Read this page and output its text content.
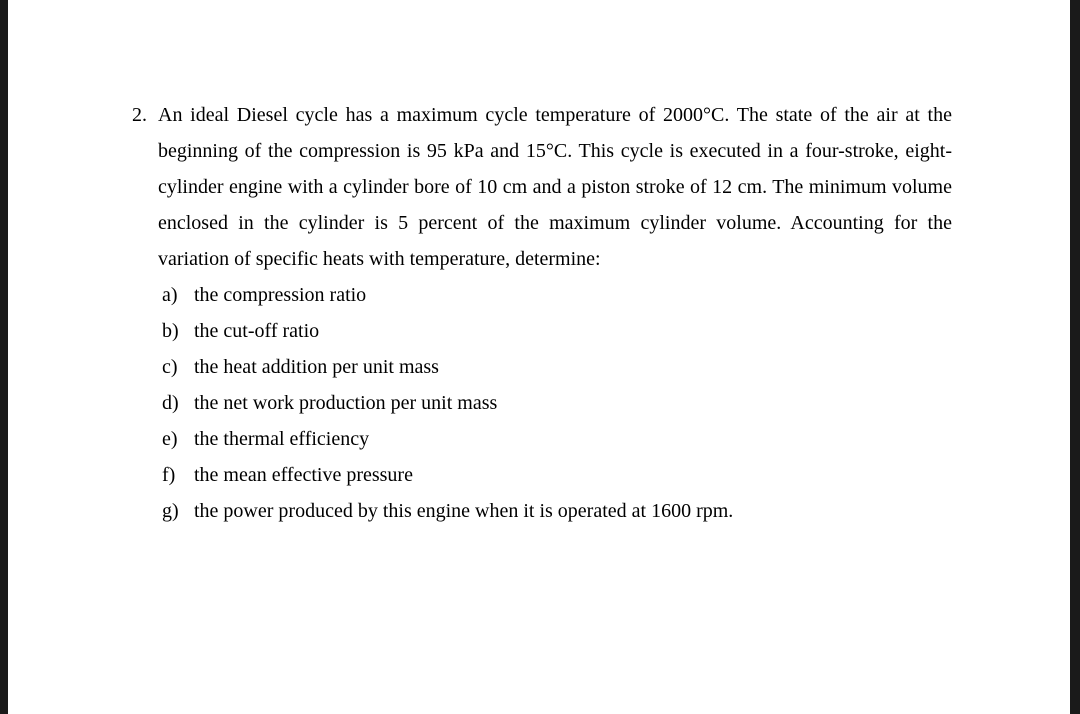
2. An ideal Diesel cycle has a maximum cycle temperature of 2000°C. The state of the air at the beginning of the compression is 95 kPa and 15°C. This cycle is executed in a four-stroke, eight-cylinder engine with a cylinder bore of 10 cm and a piston stroke of 12 cm. The minimum volume enclosed in the cylinder is 5 percent of the maximum cylinder volume. Accounting for the variation of specific heats with temperature, determine:
a) the compression ratio
b) the cut-off ratio
c) the heat addition per unit mass
d) the net work production per unit mass
e) the thermal efficiency
f) the mean effective pressure
g) the power produced by this engine when it is operated at 1600 rpm.
